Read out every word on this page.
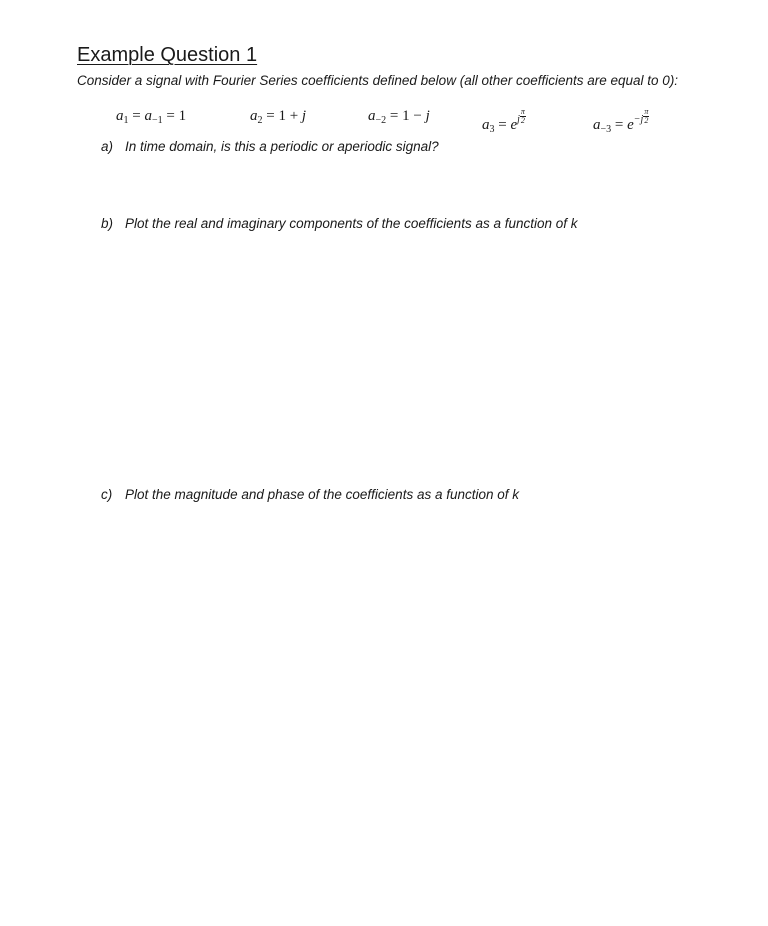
Example Question 1
Consider a signal with Fourier Series coefficients defined below (all other coefficients are equal to 0):
$a_1 = a_{-1} = 1$	$a_2 = 1 + j$	$a_{-2} = 1 - j$
$a_3 = e^j \frac{\pi}{2}$	$a_{-3} = e^{-j} \frac{\pi}{2}$
a) In time domain, is this a periodic or aperiodic signal?
b) Plot the real and imaginary components of the coefficients as a function of k
c) Plot the magnitude and phase of the coefficients as a function of k
